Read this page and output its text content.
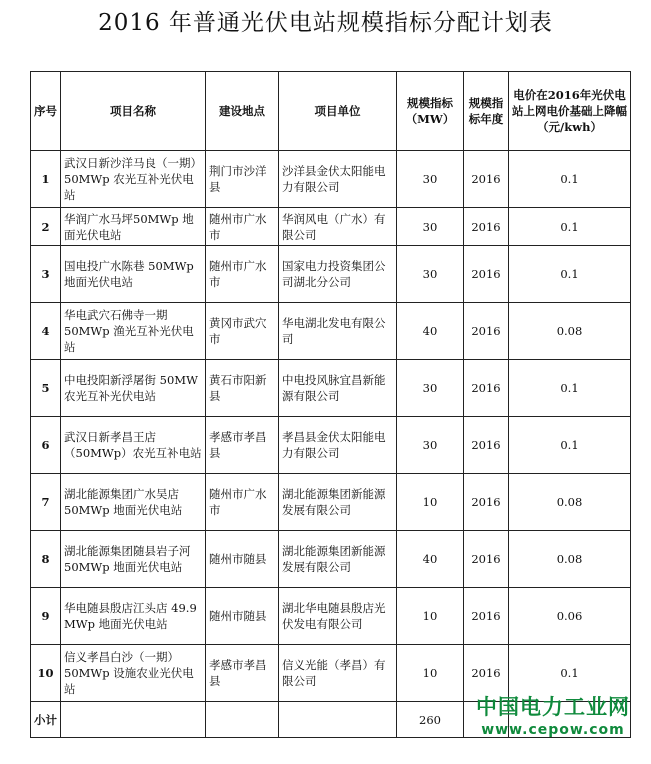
2016 年普通光伏电站规模指标分配计划表
序号	项目名称	建设地点	项目单位	规模指标（MW）	规模指标年度	电价在2016年光伏电站上网电价基础上降幅（元/kwh）
1	武汉日新沙洋马良（一期）50MWp 农光互补光伏电站	荆门市沙洋县	沙洋县金伏太阳能电力有限公司	30	2016	0.1
2	华润广水马坪50MWp 地面光伏电站	随州市广水市	华润风电（广水）有限公司	30	2016	0.1
3	国电投广水陈巷 50MWp 地面光伏电站	随州市广水市	国家电力投资集团公司湖北分公司	30	2016	0.1
4	华电武穴石佛寺一期 50MWp 渔光互补光伏电站	黄冈市武穴市	华电湖北发电有限公司	40	2016	0.08
5	中电投阳新浮屠街 50MW 农光互补光伏电站	黄石市阳新县	中电投风脉宜昌新能源有限公司	30	2016	0.1
6	武汉日新孝昌王店（50MWp）农光互补电站	孝感市孝昌县	孝昌县金伏太阳能电力有限公司	30	2016	0.1
7	湖北能源集团广水吴店 50MWp 地面光伏电站	随州市广水市	湖北能源集团新能源发展有限公司	10	2016	0.08
8	湖北能源集团随县岩子河50MWp 地面光伏电站	随州市随县	湖北能源集团新能源发展有限公司	40	2016	0.08
9	华电随县殷店江头店 49.9 MWp 地面光伏电站	随州市随县	湖北华电随县殷店光伏发电有限公司	10	2016	0.06
10	信义孝昌白沙（一期）50MWp 设施农业光伏电站	孝感市孝昌县	信义光能（孝昌）有限公司	10	2016	0.1
小计				260		
中国电力工业网
www.cepow.com
